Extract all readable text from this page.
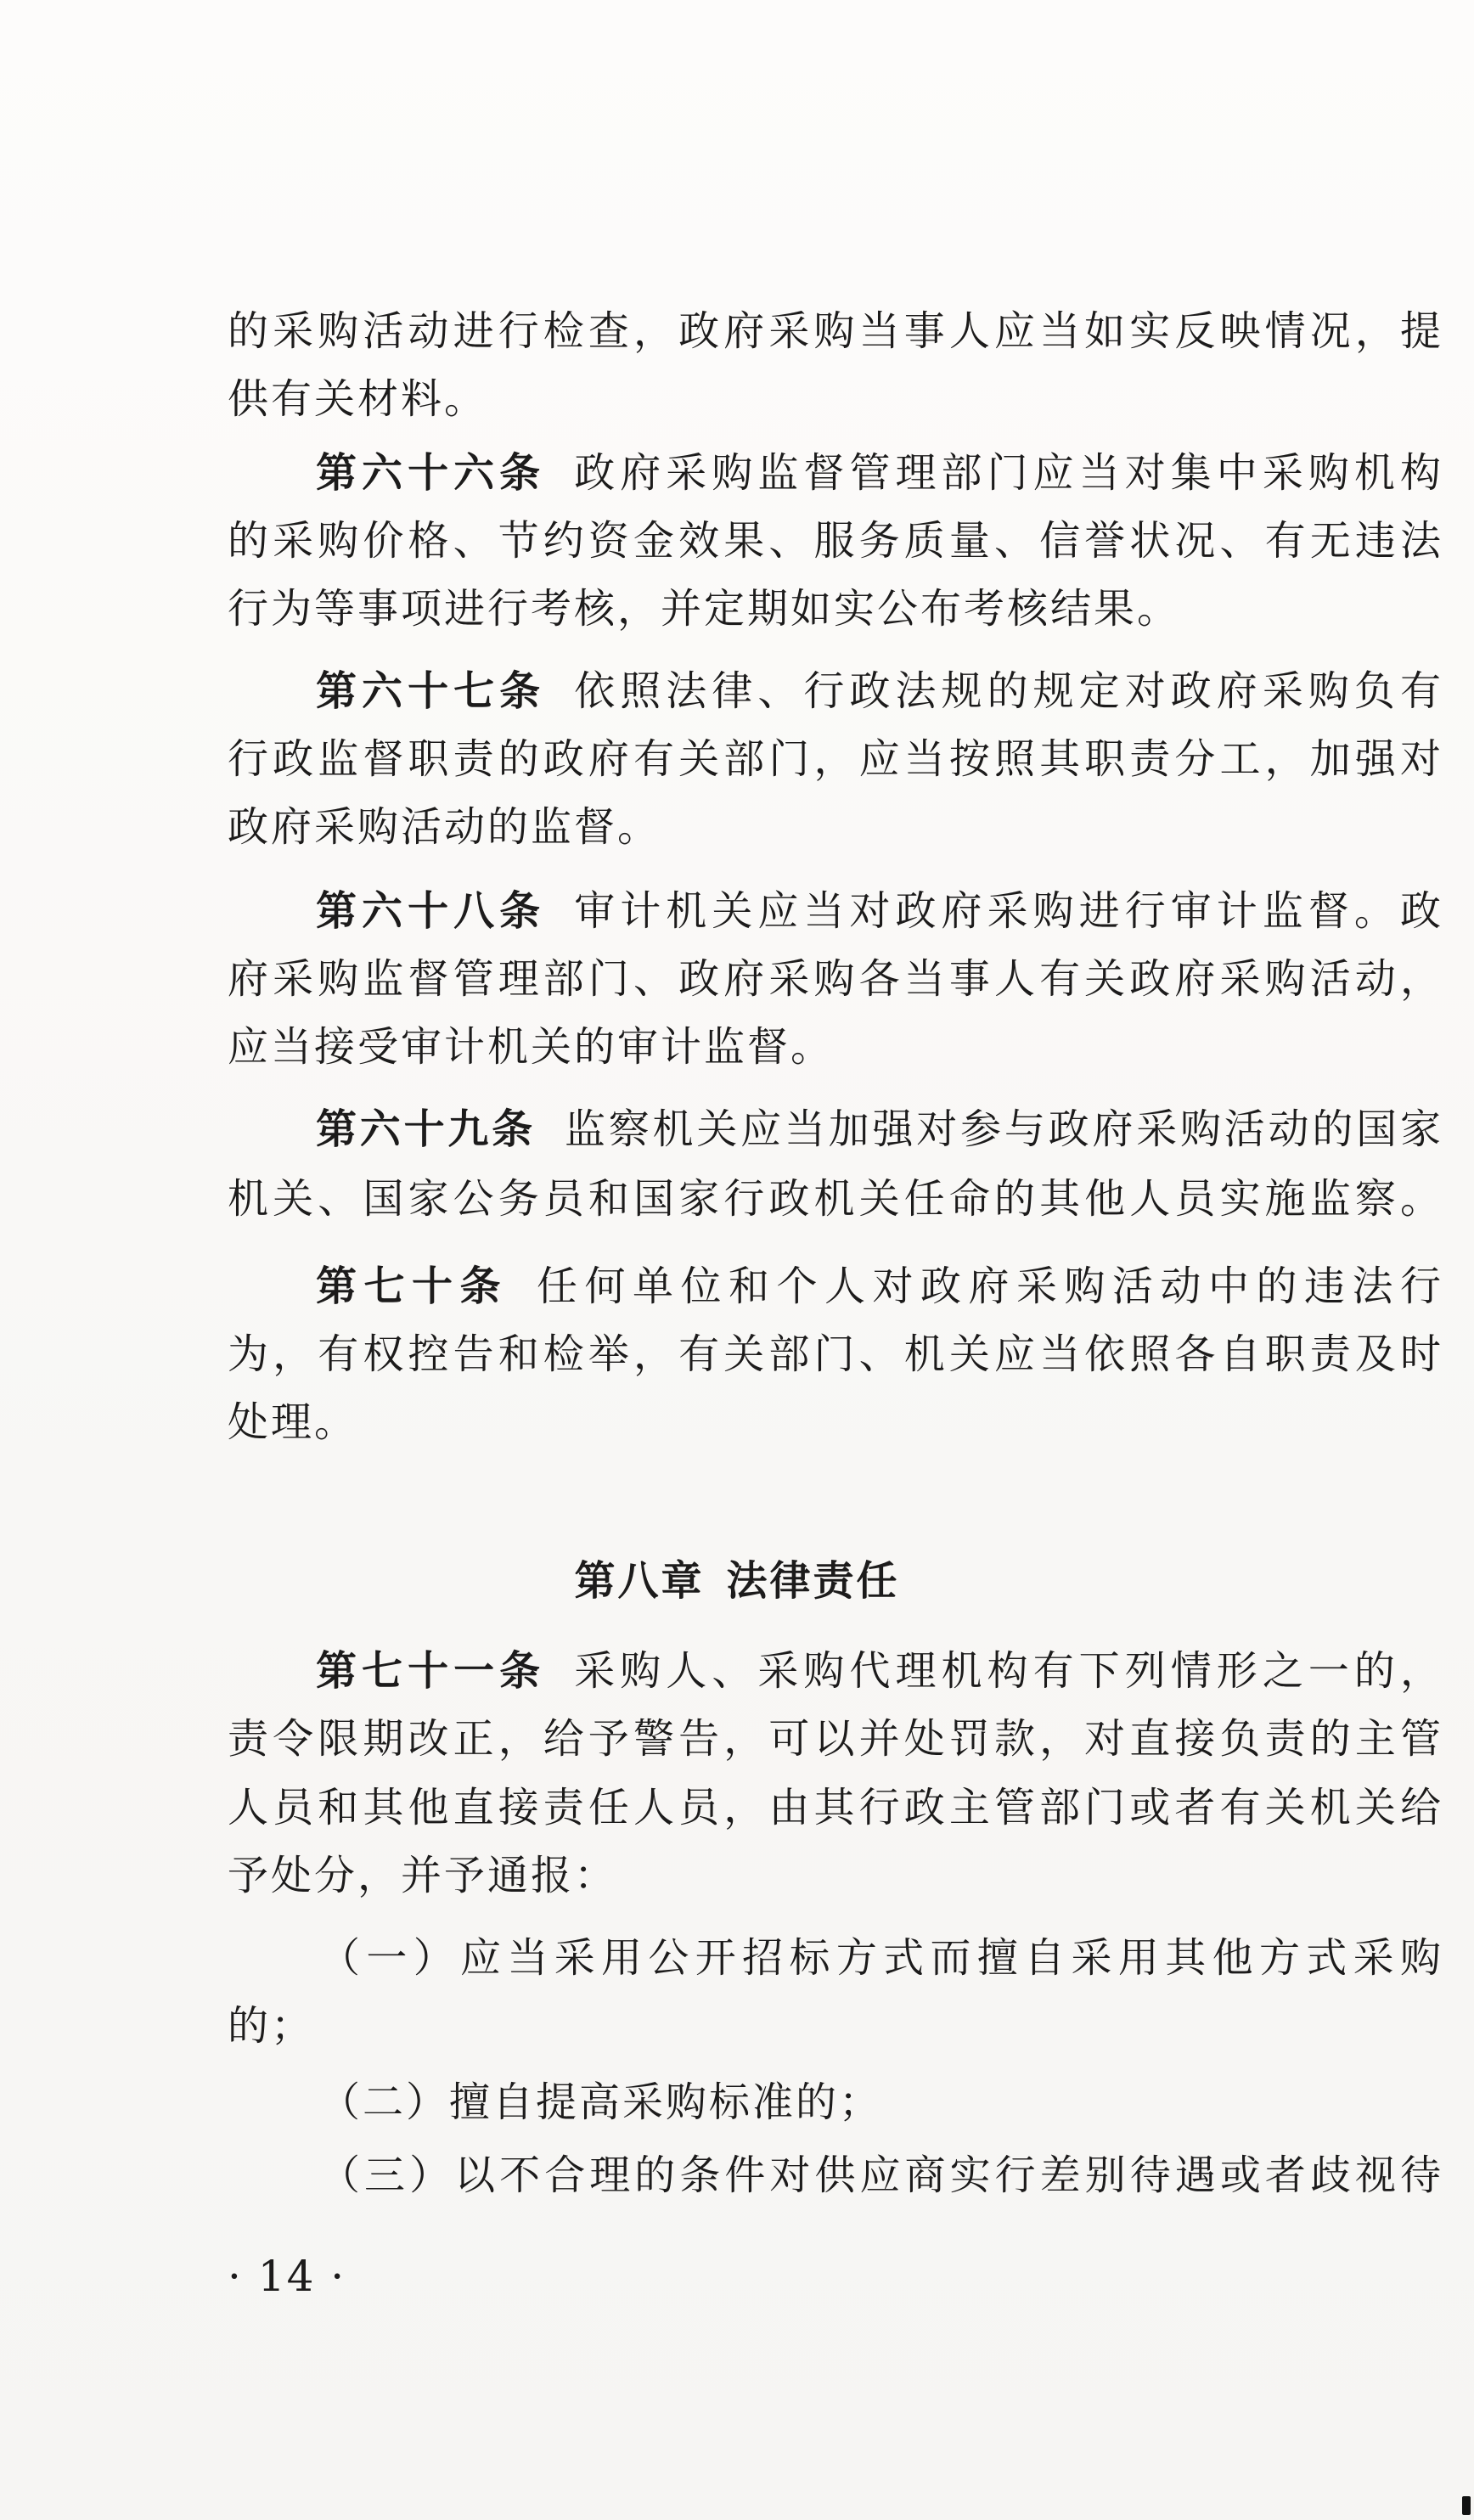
的采购活动进行检查，政府采购当事人应当如实反映情况，提
供有关材料。
第六十六条 政府采购监督管理部门应当对集中采购机构
的采购价格、节约资金效果、服务质量、信誉状况、有无违法
行为等事项进行考核，并定期如实公布考核结果。
第六十七条 依照法律、行政法规的规定对政府采购负有
行政监督职责的政府有关部门，应当按照其职责分工，加强对
政府采购活动的监督。
第六十八条 审计机关应当对政府采购进行审计监督。政
府采购监督管理部门、政府采购各当事人有关政府采购活动，
应当接受审计机关的审计监督。
第六十九条 监察机关应当加强对参与政府采购活动的国家
机关、国家公务员和国家行政机关任命的其他人员实施监察。
第七十条 任何单位和个人对政府采购活动中的违法行
为，有权控告和检举，有关部门、机关应当依照各自职责及时
处理。
第八章 法律责任
第七十一条 采购人、采购代理机构有下列情形之一的，
责令限期改正，给予警告，可以并处罚款，对直接负责的主管
人员和其他直接责任人员，由其行政主管部门或者有关机关给
予处分，并予通报：
（一）应当采用公开招标方式而擅自采用其他方式采购
的；
（二）擅自提高采购标准的；
（三）以不合理的条件对供应商实行差别待遇或者歧视待
· 14 ·
